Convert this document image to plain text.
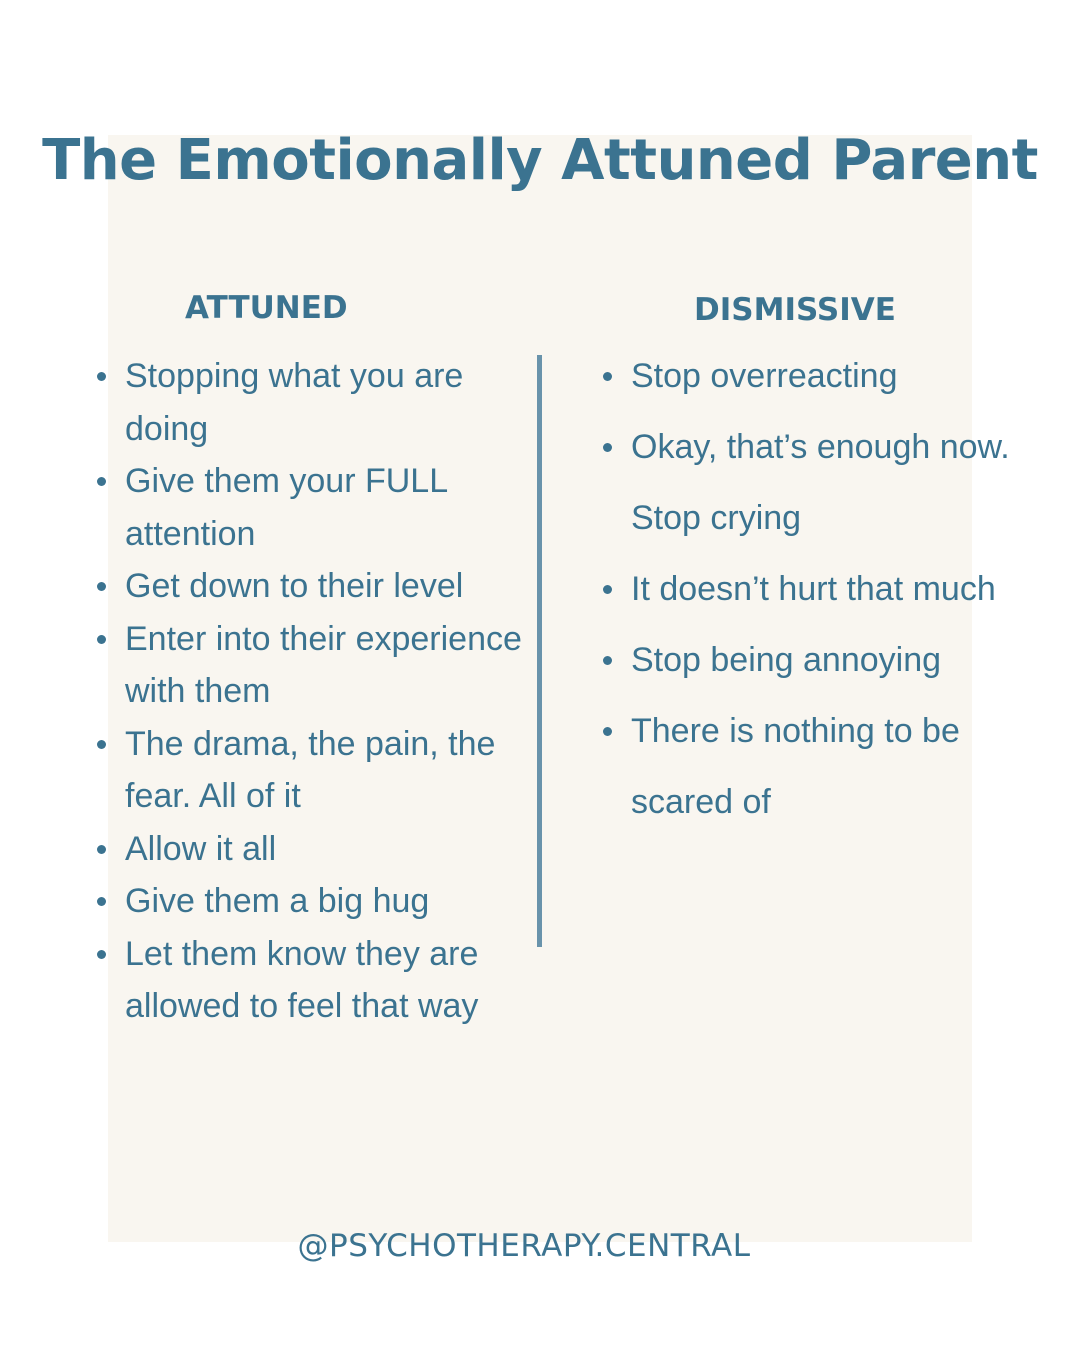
The Emotionally Attuned Parent
ATTUNED	DISMISSIVE
Stopping what you are doing
Give them your FULL attention
Get down to their level
Enter into their experience with them
The drama, the pain, the fear. All of it
Allow it all
Give them a big hug
Let them know they are allowed to feel that way
Stop overreacting
Okay, that’s enough now. Stop crying
It doesn’t hurt that much
Stop being annoying
There is nothing to be scared of

@PSYCHOTHERAPY.CENTRAL
